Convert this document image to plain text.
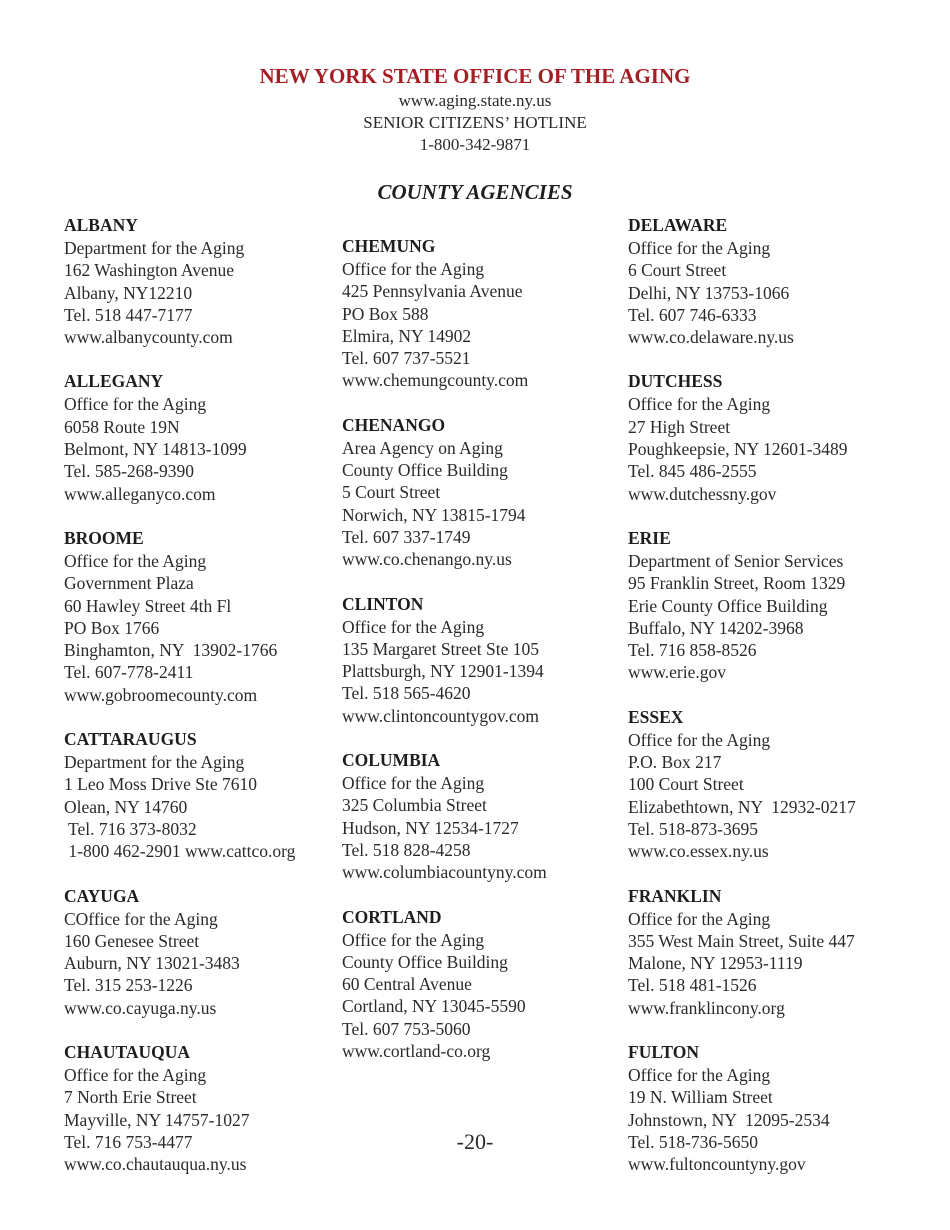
NEW YORK STATE OFFICE OF THE AGING
www.aging.state.ny.us
SENIOR CITIZENS’ HOTLINE
1-800-342-9871
COUNTY AGENCIES
ALBANY
Department for the Aging
162 Washington Avenue
Albany, NY12210
Tel. 518 447-7177
www.albanycounty.com
ALLEGANY
Office for the Aging
6058 Route 19N
Belmont, NY 14813-1099
Tel. 585-268-9390
www.alleganyco.com
BROOME
Office for the Aging
Government Plaza
60 Hawley Street 4th Fl
PO Box 1766
Binghamton, NY  13902-1766
Tel. 607-778-2411
www.gobroomecounty.com
CATTARAUGUS
Department for the Aging
1 Leo Moss Drive Ste 7610
Olean, NY 14760
Tel. 716 373-8032
1-800 462-2901 www.cattco.org
CAYUGA
COffice for the Aging
160 Genesee Street
Auburn, NY 13021-3483
Tel. 315 253-1226
www.co.cayuga.ny.us
CHAUTAUQUA
Office for the Aging
7 North Erie Street
Mayville, NY 14757-1027
Tel. 716 753-4477
www.co.chautauqua.ny.us
CHEMUNG
Office for the Aging
425 Pennsylvania Avenue
PO Box 588
Elmira, NY 14902
Tel. 607 737-5521
www.chemungcounty.com
CHENANGO
Area Agency on Aging
County Office Building
5 Court Street
Norwich, NY 13815-1794
Tel. 607 337-1749
www.co.chenango.ny.us
CLINTON
Office for the Aging
135 Margaret Street Ste 105
Plattsburgh, NY 12901-1394
Tel. 518 565-4620
www.clintoncountygov.com
COLUMBIA
Office for the Aging
325 Columbia Street
Hudson, NY 12534-1727
Tel. 518 828-4258
www.columbiacountyny.com
CORTLAND
Office for the Aging
County Office Building
60 Central Avenue
Cortland, NY 13045-5590
Tel. 607 753-5060
www.cortland-co.org
DELAWARE
Office for the Aging
6 Court Street
Delhi, NY 13753-1066
Tel. 607 746-6333
www.co.delaware.ny.us
DUTCHESS
Office for the Aging
27 High Street
Poughkeepsie, NY 12601-3489
Tel. 845 486-2555
www.dutchessny.gov
ERIE
Department of Senior Services
95 Franklin Street, Room 1329
Erie County Office Building
Buffalo, NY 14202-3968
Tel. 716 858-8526
www.erie.gov
ESSEX
Office for the Aging
P.O. Box 217
100 Court Street
Elizabethtown, NY  12932-0217
Tel. 518-873-3695
www.co.essex.ny.us
FRANKLIN
Office for the Aging
355 West Main Street, Suite 447
Malone, NY 12953-1119
Tel. 518 481-1526
www.franklincony.org
FULTON
Office for the Aging
19 N. William Street
Johnstown, NY  12095-2534
Tel. 518-736-5650
www.fultoncountyny.gov
-20-
